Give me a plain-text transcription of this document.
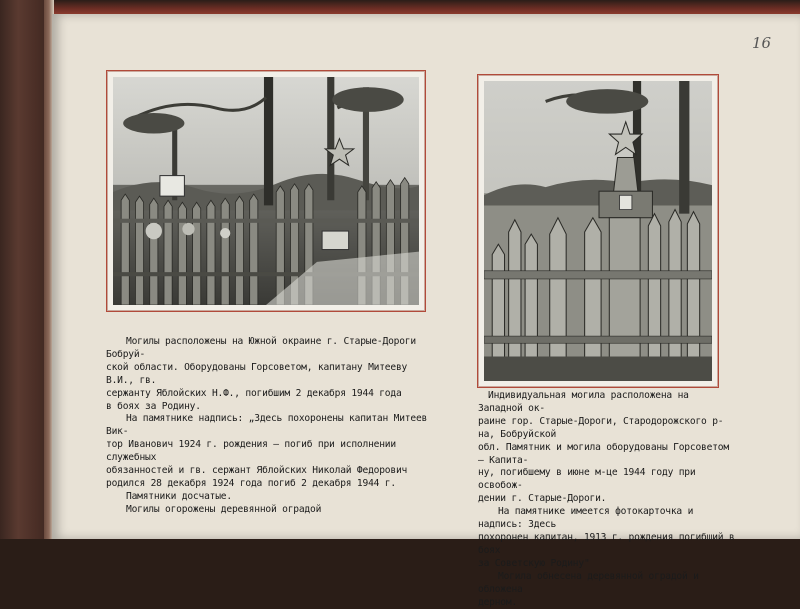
16

Могилы расположены на Южной окраине г. Старые-Дороги Бобруй-
ской области. Оборудованы Горсоветом, капитану Митееву В.И., гв.
сержанту Яблойских Н.Ф., погибшим 2 декабря 1944 года
в боях за Родину.

На памятнике надпись: „Здесь похоронены капитан Митеев Вик-
тор Иванович 1924 г. рождения – погиб при исполнении служебных
обязанностей и гв. сержант Яблойских Николай Федорович
родился 28 декабря 1924 года погиб 2 декабря 1944 г.

Памятники досчатые.

Могилы огорожены деревянной оградой

Индивидуальная могила расположена на Западной ок-
раине гор. Старые-Дороги, Стародорожского р-на, Бобруйской
обл. Памятник и могила оборудованы Горсоветом – Капита-
ну, погибшему в июне м-це 1944 году при освобож-
дении г. Старые-Дороги.

На памятнике имеется фотокарточка и надпись: Здесь
похоронен капитан, 1913 г. рождения погибший в боях
за Советскую Родину"

Могила обнесена деревянной оградой и обложена
дерном.
